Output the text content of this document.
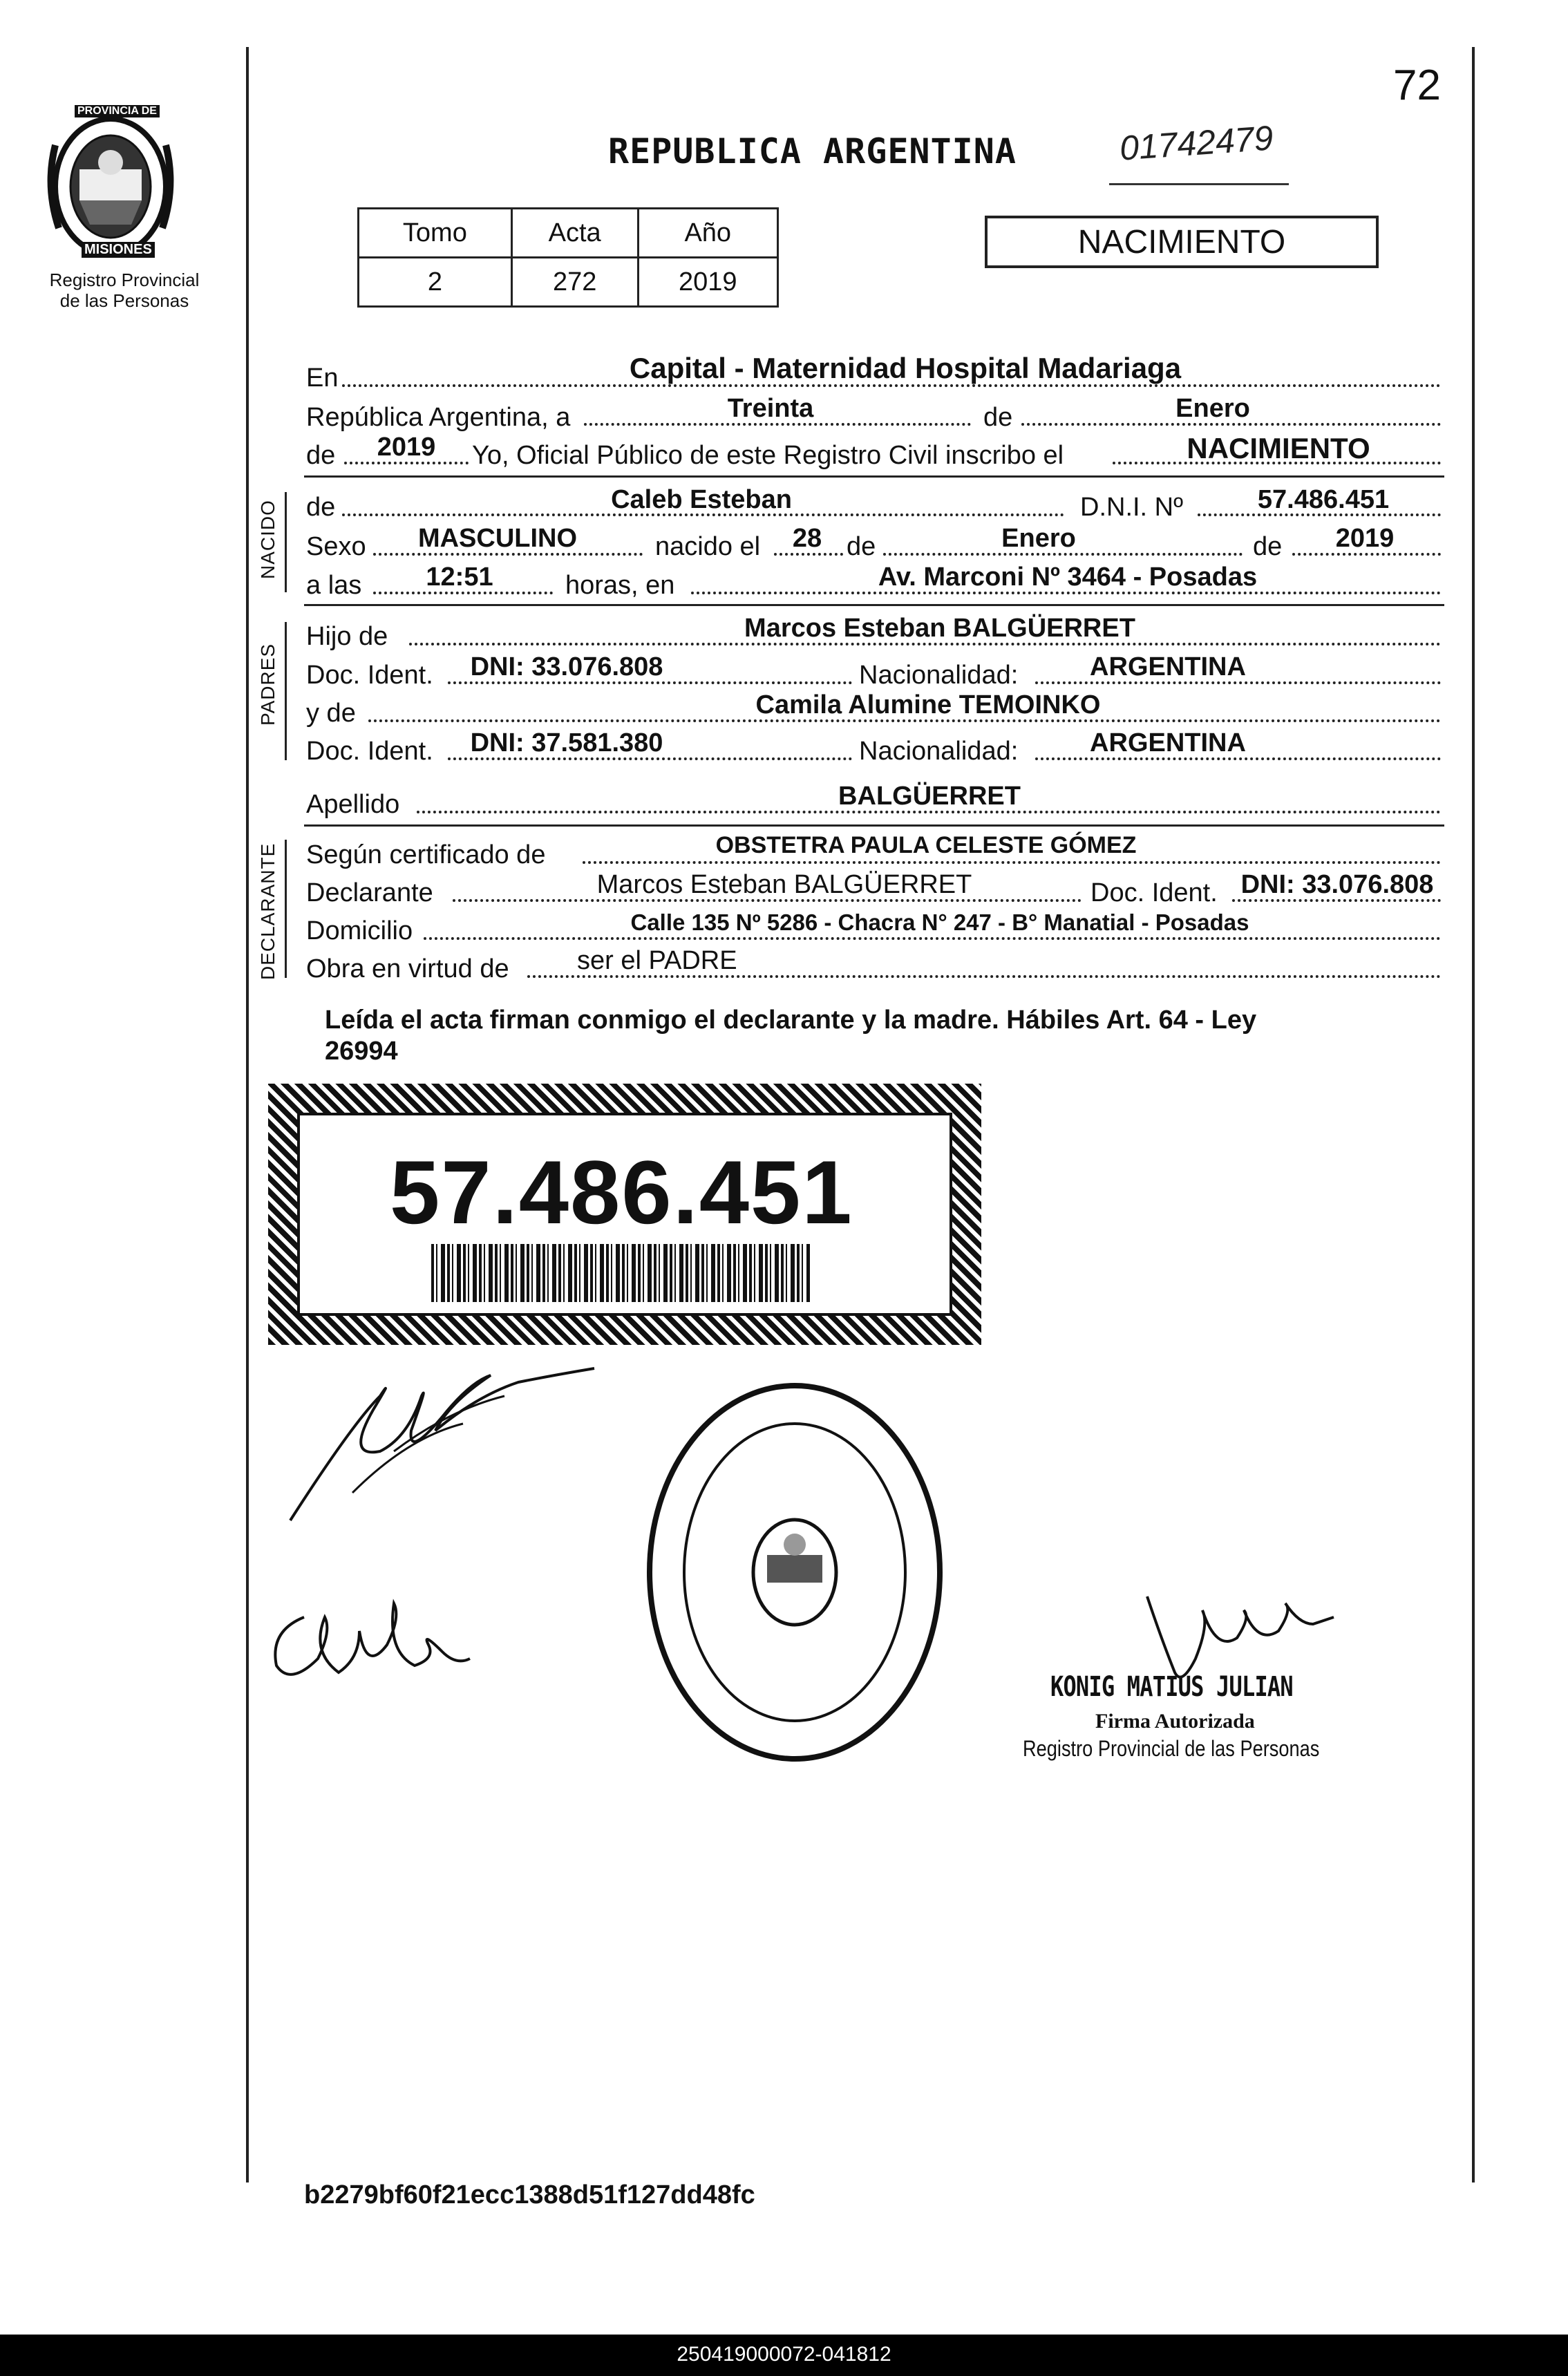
72
PROVINCIA DE
MISIONES
Registro Provincial
de las Personas
REPUBLICA ARGENTINA	01742479
Tomo	Acta	Año
2	272	2019
NACIMIENTO
En	Capital - Maternidad Hospital Madariaga
República Argentina, a	Treinta	de	Enero
de 2019 Yo, Oficial Público de este Registro Civil inscribo el	NACIMIENTO
NACIDO de	Caleb Esteban	D.N.I. Nº	57.486.451
Sexo MASCULINO	nacido el 28 de	Enero	de 2019
a las 12:51	horas, en	Av. Marconi Nº 3464 - Posadas
PADRES
Hijo de	Marcos Esteban BALGÜERRET
Doc. Ident. DNI: 33.076.808	Nacionalidad:	ARGENTINA
y de	Camila Alumine TEMOINKO
Doc. Ident. DNI: 37.581.380	Nacionalidad:	ARGENTINA
Apellido	BALGÜERRET
DECLARANTE Según certificado de	OBSTETRA PAULA CELESTE GÓMEZ
Declarante	Marcos Esteban BALGÜERRET	Doc. Ident. DNI: 33.076.808
Domicilio	Calle 135 Nº 5286 - Chacra N° 247 - B° Manatial - Posadas
Obra en virtud de	ser el PADRE
Leída el acta firman conmigo el declarante y la madre. Hábiles Art. 64 - Ley
26994
57.486.451
KONIG MATIUS JULIAN
Firma Autorizada
Registro Provincial de las Personas
b2279bf60f21ecc1388d51f127dd48fc
250419000072-041812
